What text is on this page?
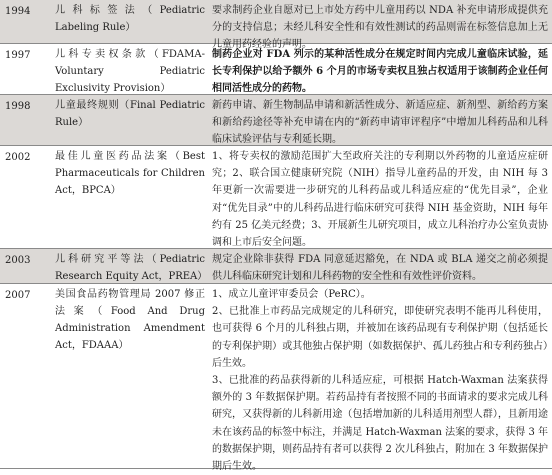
1994	儿科标签法（Pediatric Labeling Rule）
要求制药企业自愿对已上市处方药中儿童用药以 NDA 补充申请形成提供充分的支持信息；未经儿科安全性和有效性测试的药品则需在标签信息加上无儿童用药经验的声明。
1997	儿科专卖权条款（FDAMA-Voluntary Pediatric Exclusivity Provision）
制药企业对 FDA 列示的某种活性成分在规定时间内完成儿童临床试验，延长专利保护以给予额外 6 个月的市场专卖权且独占权适用于该制药企业任何相同活性成分的药物。
1998	儿童最终规则（Final Pediatric Rule）
新药申请、新生物制品申请和新活性成分、新适应症、新剂型、新给药方案和新给药途径等补充申请在内的“新药申请审评程序”中增加儿科药品和儿科临床试验评估与专利延长期。
2002	最佳儿童医药品法案（Best Pharmaceuticals for Children Act，BPCA）
1、将专卖权的激励范围扩大至政府关注的专利期以外药物的儿童适应症研究；2、联合国立健康研究院（NIH）指导儿童药品的开发，由 NIH 每 3 年更新一次需要进一步研究的儿科药品或儿科适应症的“优先目录”，企业对“优先目录”中的儿科药品进行临床研究可获得 NIH 基金资助，NIH 每年约有 25 亿美元经费；3、开展新生儿研究项目，成立儿科治疗办公室负责协调和上市后安全问题。
2003	儿科研究平等法（Pediatric Research Equity Act，PREA）
规定企业除非获得 FDA 同意延迟豁免，在 NDA 或 BLA 递交之前必须提供儿科临床研究计划和儿科药物的安全性和有效性评价资料。
2007	美国食品药物管理局 2007 修正法案（Food And Drug Administration Amendment Act，FDAAA）
1、成立儿童评审委员会（PeRC）。
2、已批准上市药品完成规定的儿科研究，即使研究表明不能再儿科使用，也可获得 6 个月的儿科独占期，并被加在该药品现有专利保护期（包括延长的专利保护期）或其他独占保护期（如数据保护、孤儿药独占和专利药独占）后生效。
3、已批准的药品获得新的儿科适应症，可根据 Hatch-Waxman 法案获得额外的 3 年数据保护期。若药品持有者按照不同的书面请求的要求完成儿科研究，又获得新的儿科新用途（包括增加新的儿科适用剂型人群），且新用途未在该药品的标签中标注，并满足 Hatch-Waxman 法案的要求，获得 3 年的数据保护期，则药品持有者可以获得 2 次儿科独占，附加在 3 年数据保护期后生效。
